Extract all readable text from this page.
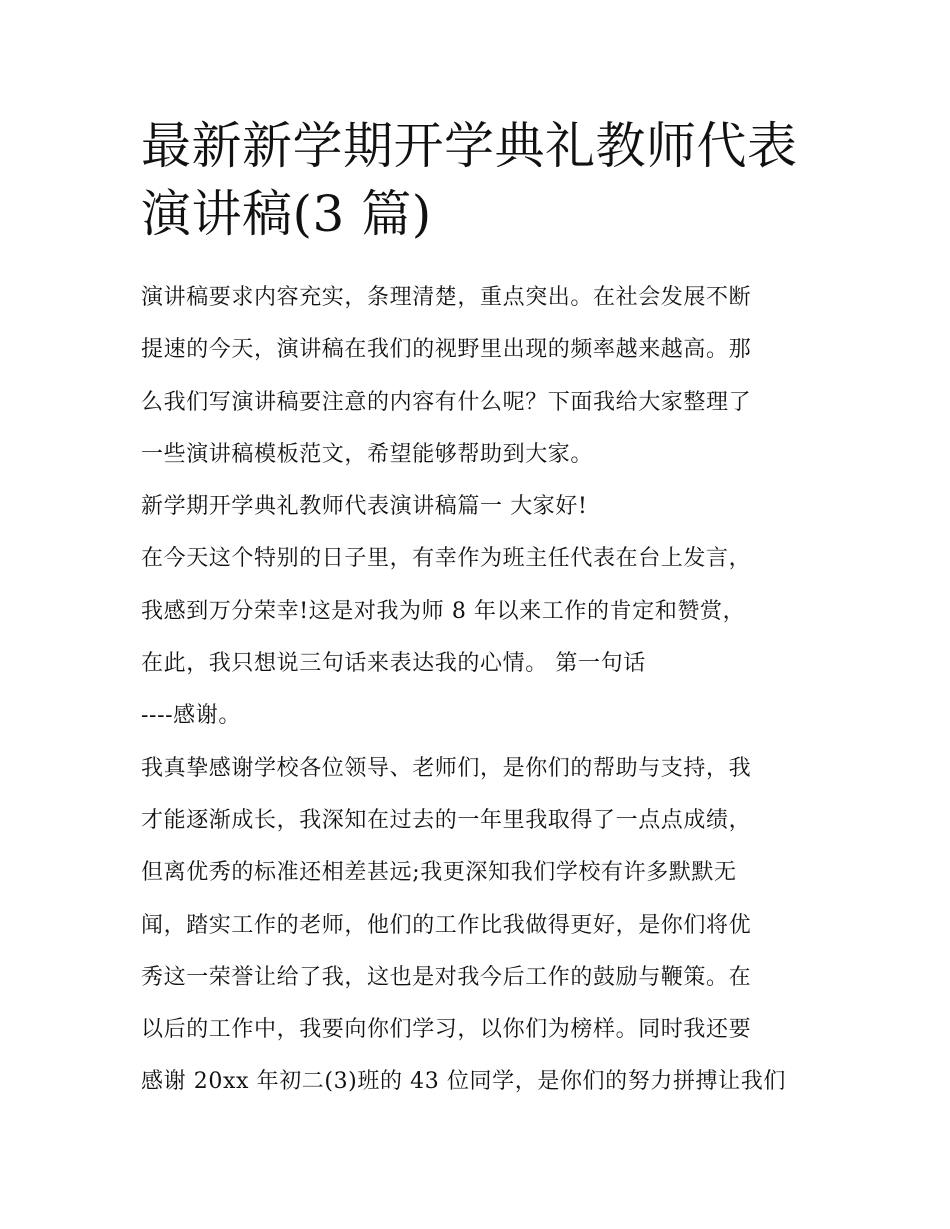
最新新学期开学典礼教师代表
演讲稿(3 篇)
演讲稿要求内容充实，条理清楚，重点突出。在社会发展不断
提速的今天，演讲稿在我们的视野里出现的频率越来越高。那
么我们写演讲稿要注意的内容有什么呢？下面我给大家整理了
一些演讲稿模板范文，希望能够帮助到大家。
新学期开学典礼教师代表演讲稿篇一 大家好!
在今天这个特别的日子里，有幸作为班主任代表在台上发言，
我感到万分荣幸!这是对我为师 8 年以来工作的肯定和赞赏，
在此，我只想说三句话来表达我的心情。 第一句话
----感谢。
我真挚感谢学校各位领导、老师们，是你们的帮助与支持，我
才能逐渐成长，我深知在过去的一年里我取得了一点点成绩，
但离优秀的标准还相差甚远;我更深知我们学校有许多默默无
闻，踏实工作的老师，他们的工作比我做得更好，是你们将优
秀这一荣誉让给了我，这也是对我今后工作的鼓励与鞭策。在
以后的工作中，我要向你们学习，以你们为榜样。同时我还要
感谢 20xx 年初二(3)班的 43 位同学，是你们的努力拼搏让我们
